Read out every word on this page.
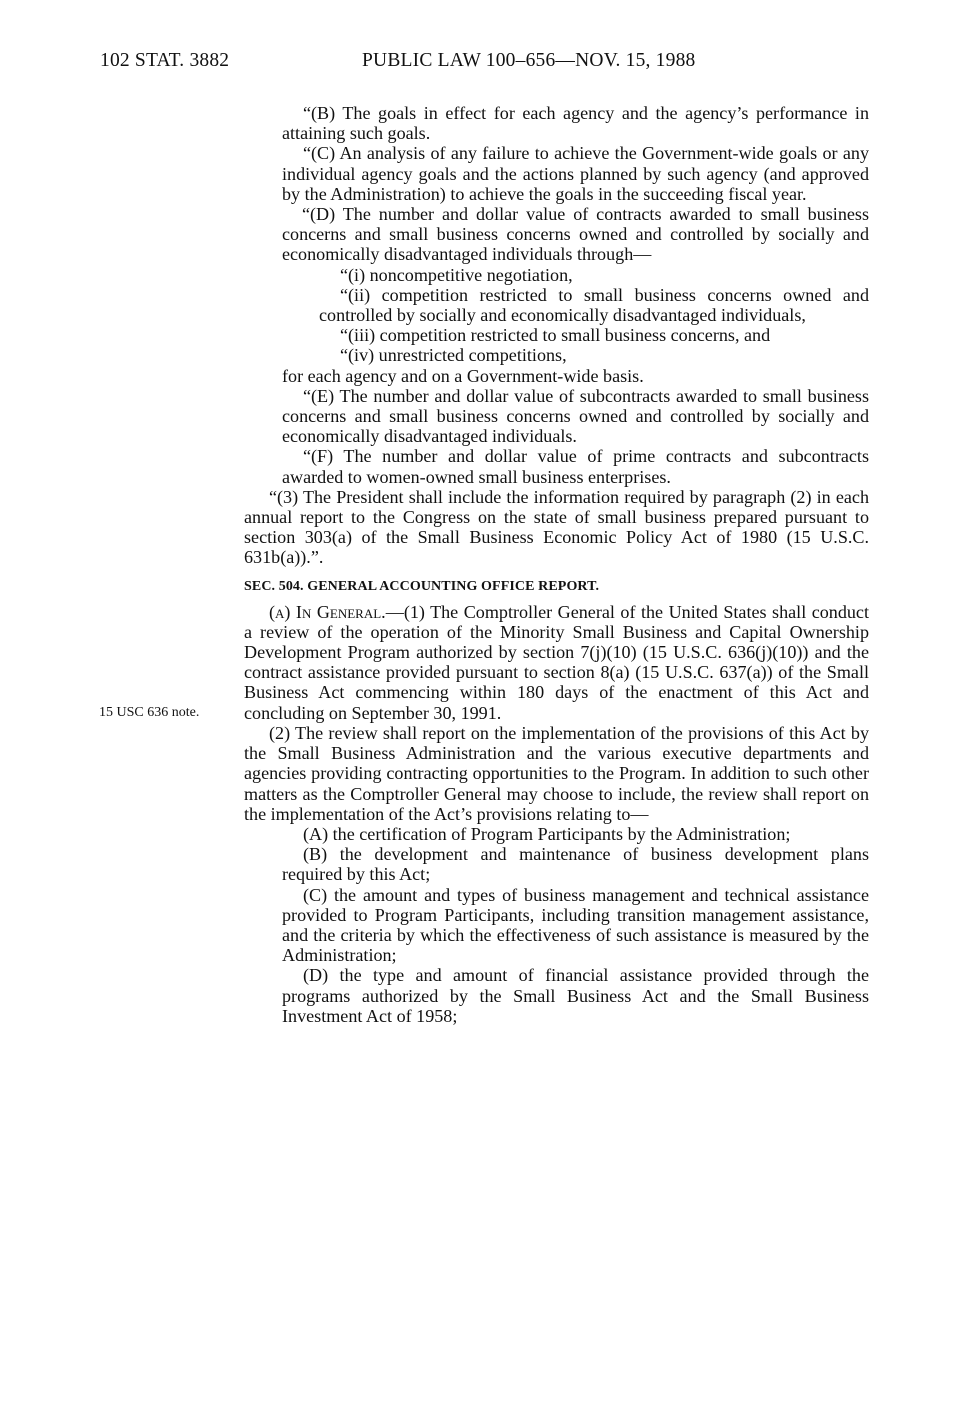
102 STAT. 3882	PUBLIC LAW 100–656—NOV. 15, 1988
15 USC 636 note.

“(B) The goals in effect for each agency and the agency’s performance in attaining such goals.

“(C) An analysis of any failure to achieve the Government-wide goals or any individual agency goals and the actions planned by such agency (and approved by the Administration) to achieve the goals in the succeeding fiscal year.

“(D) The number and dollar value of contracts awarded to small business concerns and small business concerns owned and controlled by socially and economically disadvantaged individuals through—

“(i) noncompetitive negotiation,

“(ii) competition restricted to small business concerns owned and controlled by socially and economically disadvantaged individuals,

“(iii) competition restricted to small business concerns, and

“(iv) unrestricted competitions,

for each agency and on a Government-wide basis.

“(E) The number and dollar value of subcontracts awarded to small business concerns and small business concerns owned and controlled by socially and economically disadvantaged individuals.

“(F) The number and dollar value of prime contracts and subcontracts awarded to women-owned small business enterprises.

“(3) The President shall include the information required by paragraph (2) in each annual report to the Congress on the state of small business prepared pursuant to section 303(a) of the Small Business Economic Policy Act of 1980 (15 U.S.C. 631b(a)).”.

SEC. 504. GENERAL ACCOUNTING OFFICE REPORT.

(a) In General.—(1) The Comptroller General of the United States shall conduct a review of the operation of the Minority Small Business and Capital Ownership Development Program authorized by section 7(j)(10) (15 U.S.C. 636(j)(10)) and the contract assistance provided pursuant to section 8(a) (15 U.S.C. 637(a)) of the Small Business Act commencing within 180 days of the enactment of this Act and concluding on September 30, 1991.

(2) The review shall report on the implementation of the provisions of this Act by the Small Business Administration and the various executive departments and agencies providing contracting opportunities to the Program. In addition to such other matters as the Comptroller General may choose to include, the review shall report on the implementation of the Act’s provisions relating to—

(A) the certification of Program Participants by the Administration;

(B) the development and maintenance of business development plans required by this Act;

(C) the amount and types of business management and technical assistance provided to Program Participants, including transition management assistance, and the criteria by which the effectiveness of such assistance is measured by the Administration;

(D) the type and amount of financial assistance provided through the programs authorized by the Small Business Act and the Small Business Investment Act of 1958;
